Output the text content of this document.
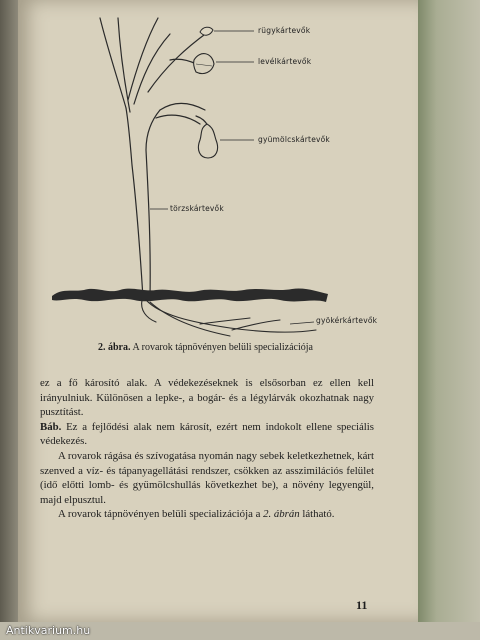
rügykártevők
levélkártevők
gyümölcskártevők
törzskártevők
gyökérkártevők
2. ábra. A rovarok tápnövényen belüli specializációja

ez a fő károsító alak. A védekezéseknek is elsősorban ez ellen kell irányulniuk. Különösen a lepke-, a bogár- és a légylárvák okozhatnak nagy pusztítást.

Báb. Ez a fejlődési alak nem károsít, ezért nem indokolt ellene speciális védekezés.

A rovarok rágása és szívogatása nyomán nagy sebek keletkezhetnek, kárt szenved a víz- és tápanyagellátási rendszer, csökken az asszimilációs felület (idő előtti lomb- és gyümölcshullás következhet be), a növény legyengül, majd elpusztul.

A rovarok tápnövényen belüli specializációja a 2. ábrán látható.

11
Antikvarium.hu
